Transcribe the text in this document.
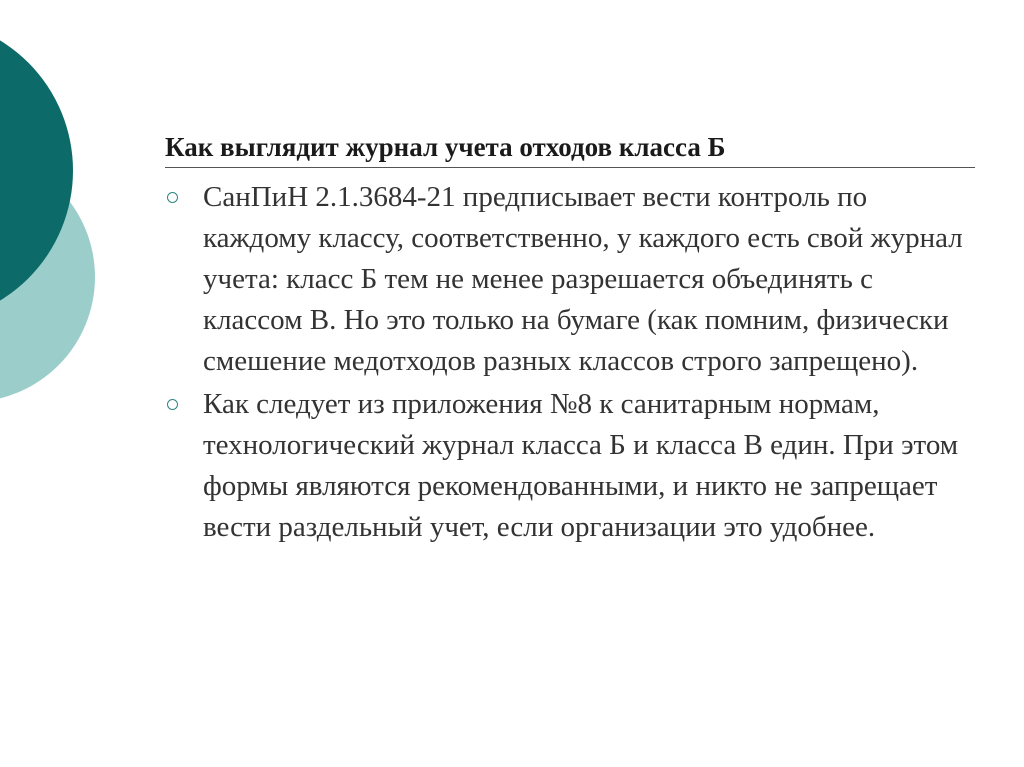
Как выглядит журнал учета отходов класса Б
СанПиН 2.1.3684-21 предписывает вести контроль по каждому классу, соответственно, у каждого есть свой журнал учета: класс Б тем не менее разрешается объединять с классом В. Но это только на бумаге (как помним, физически смешение медотходов разных классов строго запрещено).
Как следует из приложения №8 к санитарным нормам, технологический журнал класса Б и класса В един. При этом формы являются рекомендованными, и никто не запрещает вести раздельный учет, если организации это удобнее.
